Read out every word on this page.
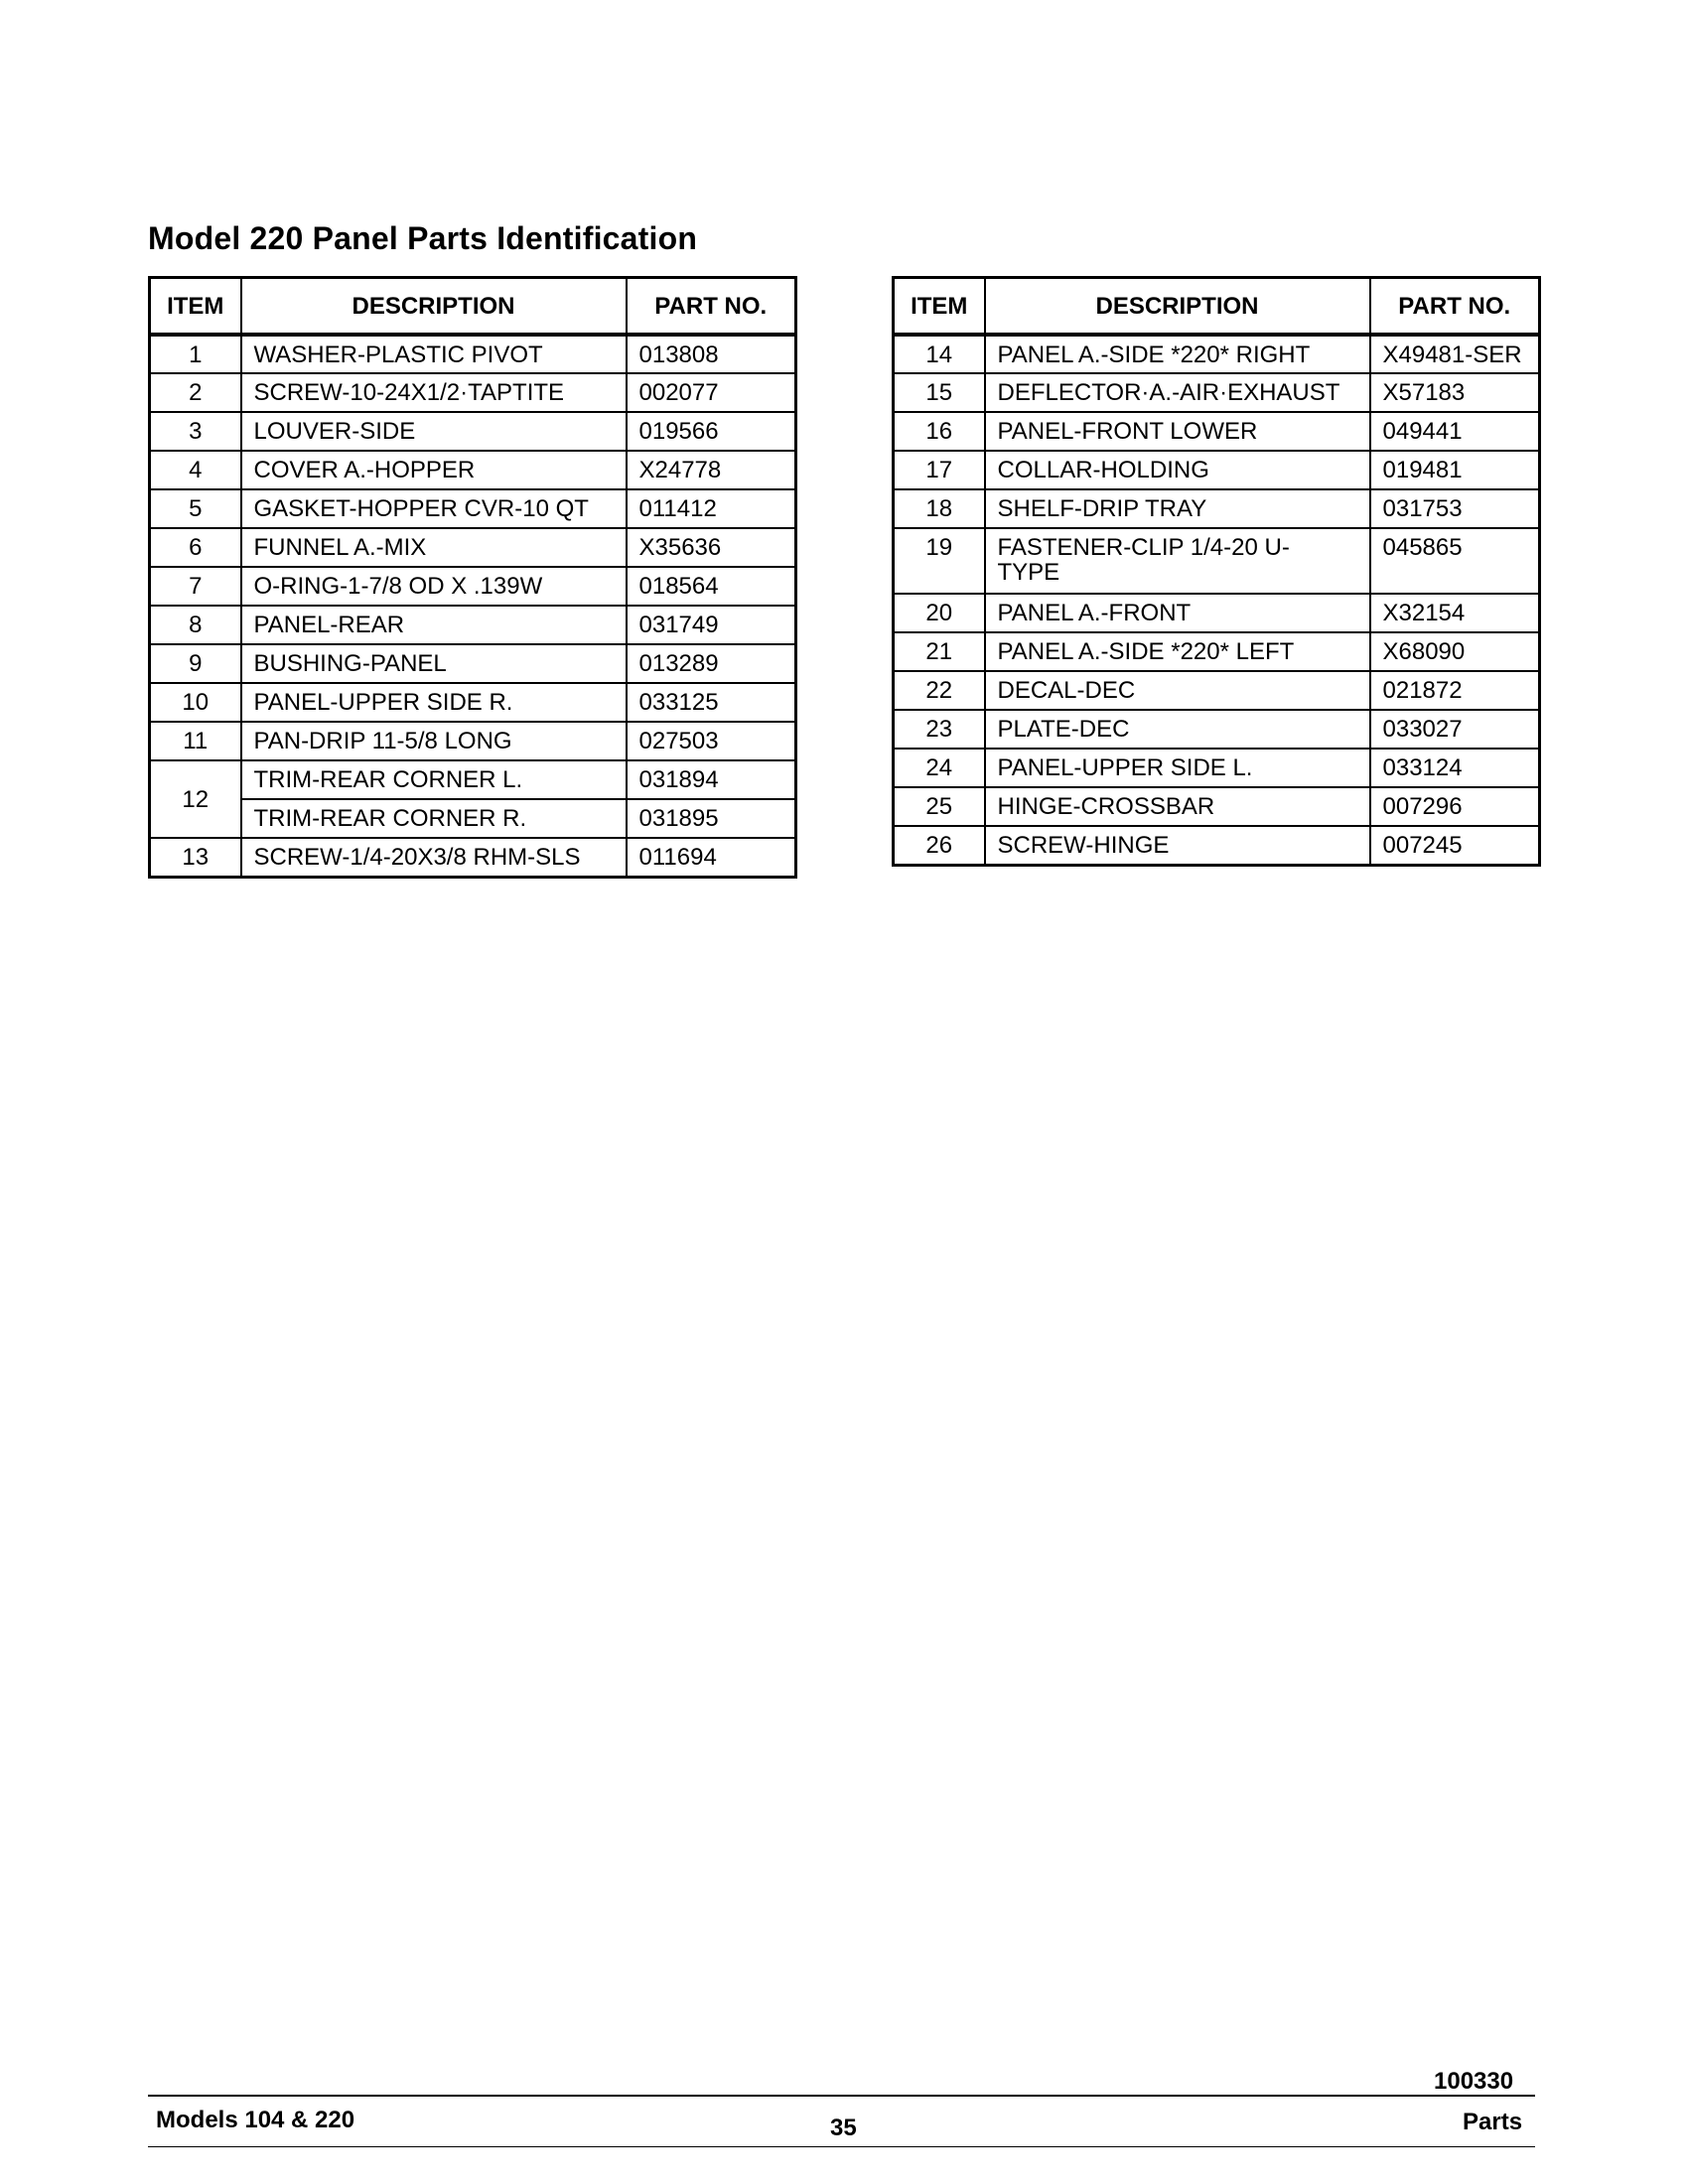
Model 220 Panel Parts Identification
ITEM	DESCRIPTION	PART NO.
1	WASHER-PLASTIC PIVOT	013808
2	SCREW-10-24X1/2·TAPTITE	002077
3	LOUVER-SIDE	019566
4	COVER A.-HOPPER	X24778
5	GASKET-HOPPER CVR-10 QT	011412
6	FUNNEL A.-MIX	X35636
7	O-RING-1-7/8 OD X .139W	018564
8	PANEL-REAR	031749
9	BUSHING-PANEL	013289
10	PANEL-UPPER SIDE R.	033125
11	PAN-DRIP 11-5/8 LONG	027503
12	TRIM-REAR CORNER L.	031894
	TRIM-REAR CORNER R.	031895
13	SCREW-1/4-20X3/8 RHM-SLS	011694
ITEM	DESCRIPTION	PART NO.
14	PANEL A.-SIDE *220* RIGHT	X49481-SER
15	DEFLECTOR·A.-AIR·EXHAUST	X57183
16	PANEL-FRONT LOWER	049441
17	COLLAR-HOLDING	019481
18	SHELF-DRIP TRAY	031753
19	FASTENER-CLIP 1/4-20 U-TYPE	045865
20	PANEL A.-FRONT	X32154
21	PANEL A.-SIDE *220* LEFT	X68090
22	DECAL-DEC	021872
23	PLATE-DEC	033027
24	PANEL-UPPER SIDE L.	033124
25	HINGE-CROSSBAR	007296
26	SCREW-HINGE	007245
100330
Models 104 & 220	35	Parts
